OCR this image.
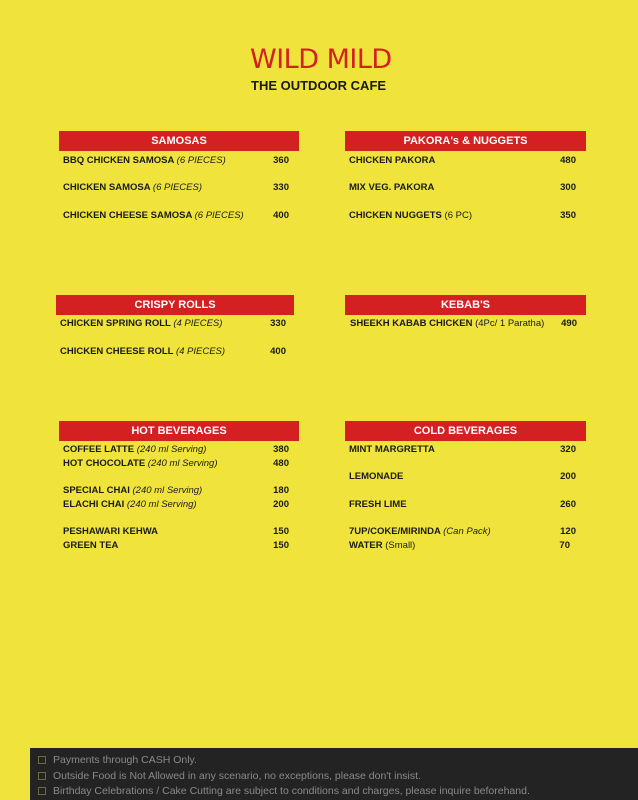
WILD MILD
THE OUTDOOR CAFE
SAMOSAS
BBQ CHICKEN SAMOSA (6 PIECES)	360
CHICKEN SAMOSA (6 PIECES)	330
CHICKEN CHEESE SAMOSA (6 PIECES)	400
PAKORA's & NUGGETS
CHICKEN PAKORA	480
MIX VEG. PAKORA	300
CHICKEN NUGGETS (6 PC)	350
CRISPY ROLLS
CHICKEN SPRING ROLL (4 PIECES)	330
CHICKEN CHEESE ROLL (4 PIECES)	400
KEBAB'S
SHEEKH KABAB CHICKEN (4Pc/ 1 Paratha) 490
HOT BEVERAGES
COFFEE LATTE (240 ml Serving)	380
HOT CHOCOLATE (240 ml Serving)	480
SPECIAL CHAI (240 ml Serving)	180
ELACHI CHAI (240 ml Serving)	200
PESHAWARI KEHWA	150
GREEN TEA	150
COLD BEVERAGES
MINT MARGRETTA	320
LEMONADE	200
FRESH LIME	260
7UP/COKE/MIRINDA (Can Pack)	120
WATER (Small)	70
Payments through CASH Only.
Outside Food is Not Allowed in any scenario, no exceptions, please don't insist.
Birthday Celebrations / Cake Cutting are subject to conditions and charges, please inquire beforehand.
